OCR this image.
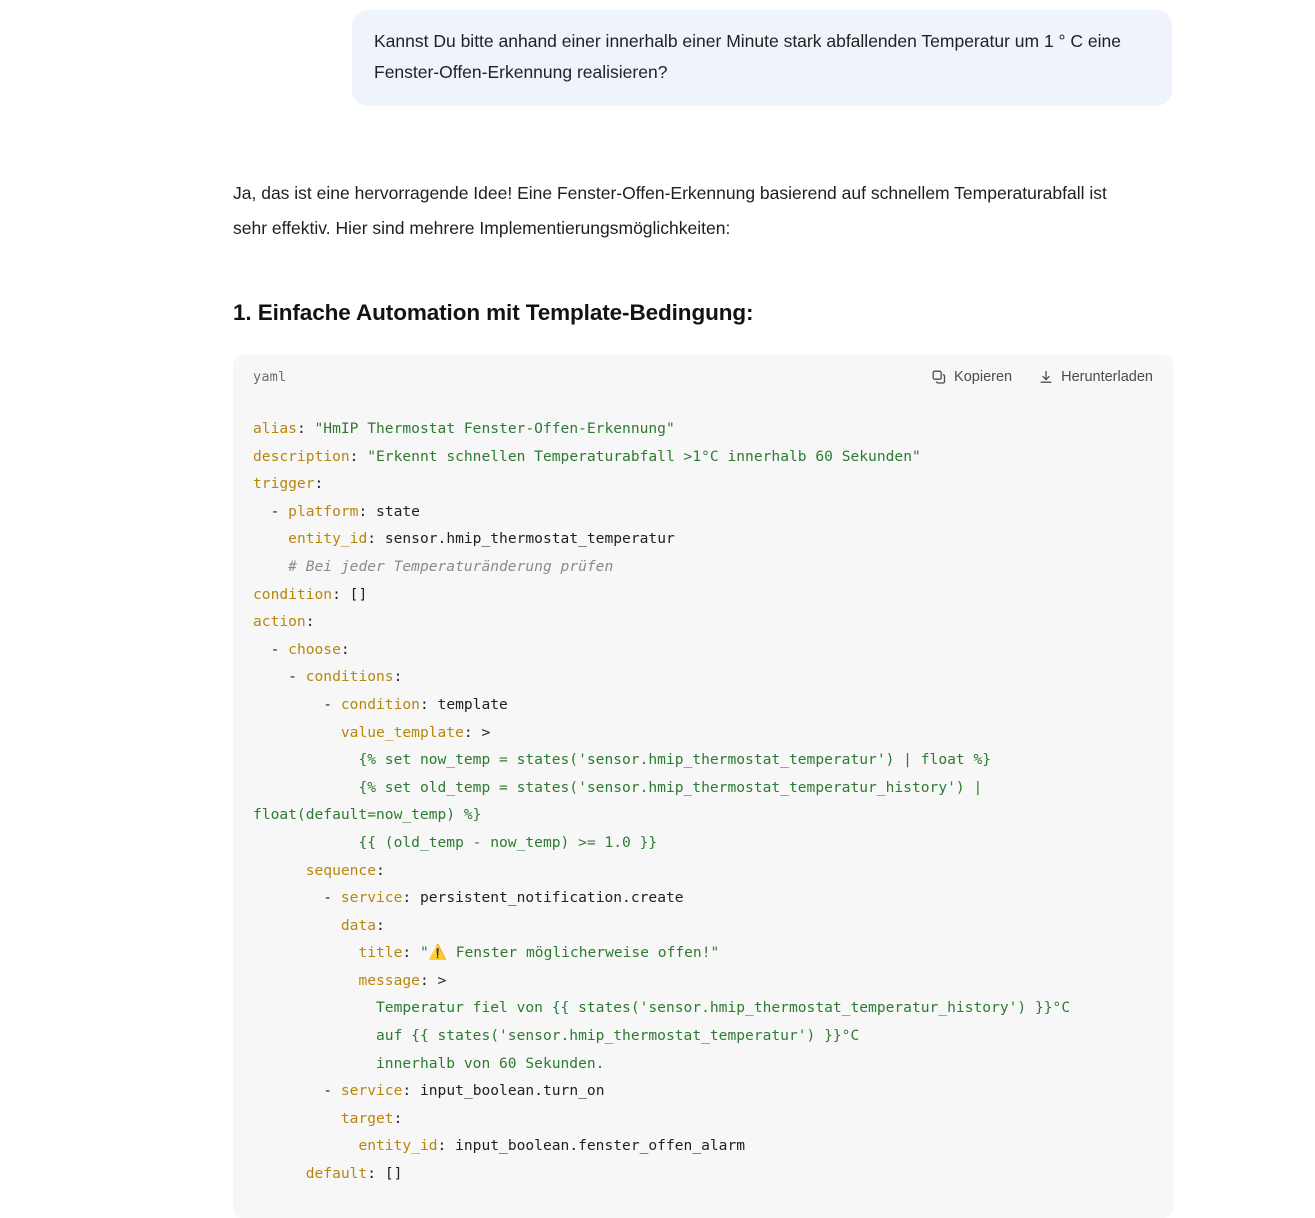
Kannst Du bitte anhand einer innerhalb einer Minute stark abfallenden Temperatur um 1 ° C eine Fenster-Offen-Erkennung realisieren?

Ja, das ist eine hervorragende Idee! Eine Fenster-Offen-Erkennung basierend auf schnellem Temperaturabfall ist sehr effektiv. Hier sind mehrere Implementierungsmöglichkeiten:

1. Einfache Automation mit Template-Bedingung:
yaml	Kopieren	Herunterladen
alias: "HmIP Thermostat Fenster-Offen-Erkennung"
description: "Erkennt schnellen Temperaturabfall >1°C innerhalb 60 Sekunden"
trigger:
- platform: state
entity_id: sensor.hmip_thermostat_temperatur
# Bei jeder Temperaturänderung prüfen
condition: []
action:
- choose:
- conditions:
- condition: template
value_template: >
{% set now_temp = states('sensor.hmip_thermostat_temperatur') | float %}
{% set old_temp = states('sensor.hmip_thermostat_temperatur_history') | float(default=now_temp) %}
{{ (old_temp - now_temp) >= 1.0 }}
sequence:
- service: persistent_notification.create
data:
title: "⚠️ Fenster möglicherweise offen!"
message: >
Temperatur fiel von {{ states('sensor.hmip_thermostat_temperatur_history') }}°C
auf {{ states('sensor.hmip_thermostat_temperatur') }}°C
innerhalb von 60 Sekunden.
- service: input_boolean.turn_on
target:
entity_id: input_boolean.fenster_offen_alarm
default: []
